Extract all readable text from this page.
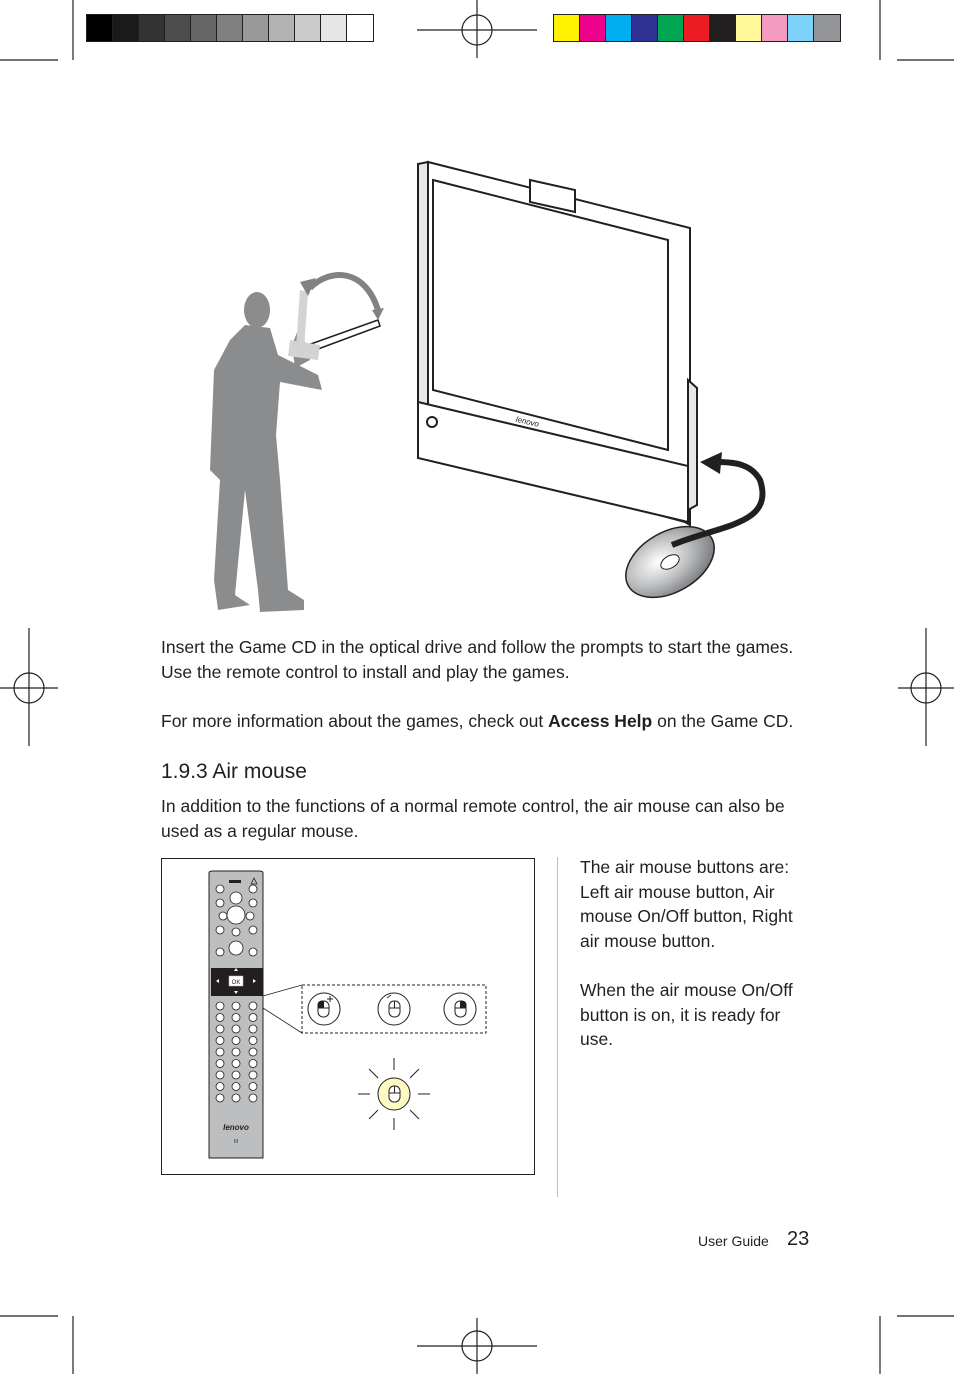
lenovo
Insert the Game CD in the optical drive and follow the prompts to start the games.
Use the remote control to install and play the games.
For more information about the games, check out Access Help on the Game CD.
1.9.3 Air mouse
In addition to the functions of a normal remote control, the air mouse can also be
used as a regular mouse.
OK
lenovo
III
The air mouse buttons are:
Left air mouse button, Air
mouse On/Off button, Right
air mouse button.
When the air mouse On/Off
button is on, it is ready for
use.
User Guide 23
